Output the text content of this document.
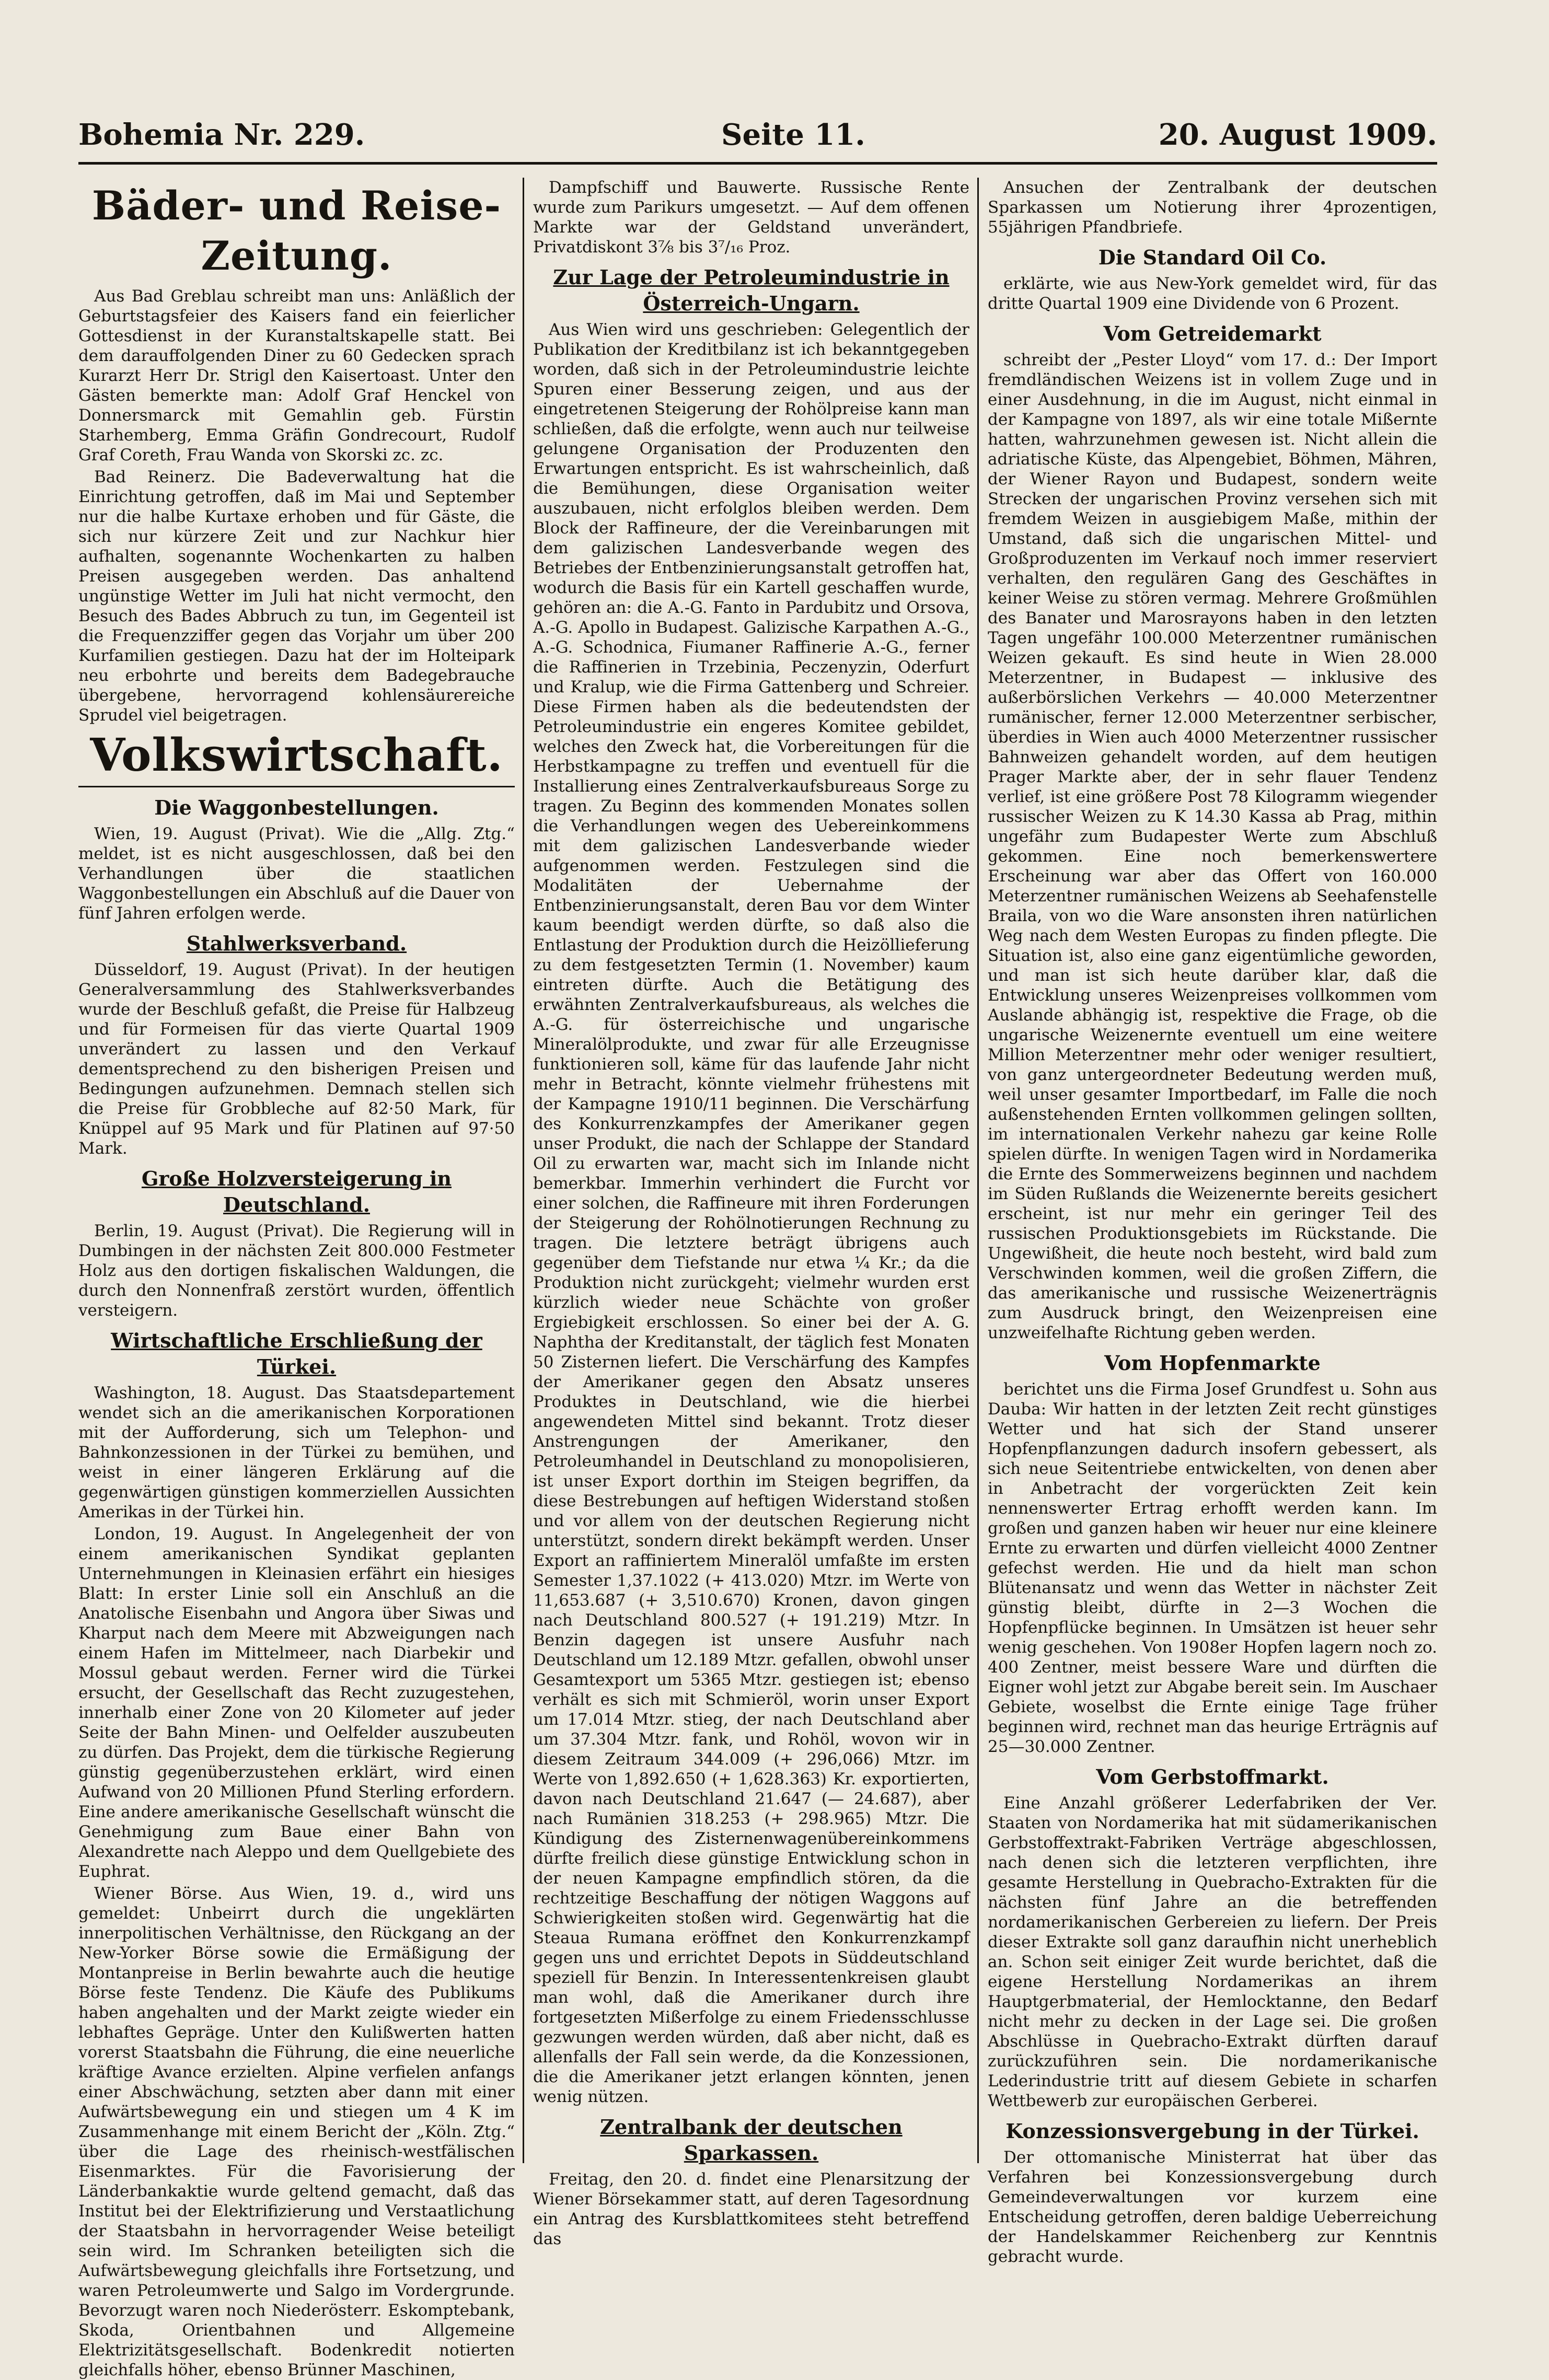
Bohemia Nr. 229.	Seite 11.	20. August 1909.
Bäder- und Reise-Zeitung.

Aus Bad Greblau schreibt man uns: Anläßlich der Geburtstagsfeier des Kaisers fand ein feierlicher Gottesdienst in der Kuranstaltskapelle statt. Bei dem darauffolgenden Diner zu 60 Gedecken sprach Kurarzt Herr Dr. Strigl den Kaisertoast. Unter den Gästen bemerkte man: Adolf Graf Henckel von Donnersmarck mit Gemahlin geb. Fürstin Starhemberg, Emma Gräfin Gondrecourt, Rudolf Graf Coreth, Frau Wanda von Skorski zc. zc.

Bad Reinerz. Die Badeverwaltung hat die Einrichtung getroffen, daß im Mai und September nur die halbe Kurtaxe erhoben und für Gäste, die sich nur kürzere Zeit und zur Nachkur hier aufhalten, sogenannte Wochenkarten zu halben Preisen ausgegeben werden. Das anhaltend ungünstige Wetter im Juli hat nicht vermocht, den Besuch des Bades Abbruch zu tun, im Gegenteil ist die Frequenzziffer gegen das Vorjahr um über 200 Kurfamilien gestiegen. Dazu hat der im Holteipark neu erbohrte und bereits dem Badegebrauche übergebene, hervorragend kohlensäurereiche Sprudel viel beigetragen.

Volkswirtschaft.
Die Waggonbestellungen.

Wien, 19. August (Privat). Wie die „Allg. Ztg.“ meldet, ist es nicht ausgeschlossen, daß bei den Verhandlungen über die staatlichen Waggonbestellungen ein Abschluß auf die Dauer von fünf Jahren erfolgen werde.

Stahlwerksverband.

Düsseldorf, 19. August (Privat). In der heutigen Generalversammlung des Stahlwerksverbandes wurde der Beschluß gefaßt, die Preise für Halbzeug und für Formeisen für das vierte Quartal 1909 unverändert zu lassen und den Verkauf dementsprechend zu den bisherigen Preisen und Bedingungen aufzunehmen. Demnach stellen sich die Preise für Grobbleche auf 82·50 Mark, für Knüppel auf 95 Mark und für Platinen auf 97·50 Mark.

Große Holzversteigerung in Deutschland.

Berlin, 19. August (Privat). Die Regierung will in Dumbingen in der nächsten Zeit 800.000 Festmeter Holz aus den dortigen fiskalischen Waldungen, die durch den Nonnenfraß zerstört wurden, öffentlich versteigern.

Wirtschaftliche Erschließung der Türkei.

Washington, 18. August. Das Staatsdepartement wendet sich an die amerikanischen Korporationen mit der Aufforderung, sich um Telephon- und Bahnkonzessionen in der Türkei zu bemühen, und weist in einer längeren Erklärung auf die gegenwärtigen günstigen kommerziellen Aussichten Amerikas in der Türkei hin.

London, 19. August. In Angelegenheit der von einem amerikanischen Syndikat geplanten Unternehmungen in Kleinasien erfährt ein hiesiges Blatt: In erster Linie soll ein Anschluß an die Anatolische Eisenbahn und Angora über Siwas und Kharput nach dem Meere mit Abzweigungen nach einem Hafen im Mittelmeer, nach Diarbekir und Mossul gebaut werden. Ferner wird die Türkei ersucht, der Gesellschaft das Recht zuzugestehen, innerhalb einer Zone von 20 Kilometer auf jeder Seite der Bahn Minen- und Oelfelder auszubeuten zu dürfen. Das Projekt, dem die türkische Regierung günstig gegenüberzustehen erklärt, wird einen Aufwand von 20 Millionen Pfund Sterling erfordern. Eine andere amerikanische Gesellschaft wünscht die Genehmigung zum Baue einer Bahn von Alexandrette nach Aleppo und dem Quellgebiete des Euphrat.

Wiener Börse. Aus Wien, 19. d., wird uns gemeldet: Unbeirrt durch die ungeklärten innerpolitischen Verhältnisse, den Rückgang an der New-Yorker Börse sowie die Ermäßigung der Montanpreise in Berlin bewahrte auch die heutige Börse feste Tendenz. Die Käufe des Publikums haben angehalten und der Markt zeigte wieder ein lebhaftes Gepräge. Unter den Kulißwerten hatten vorerst Staatsbahn die Führung, die eine neuerliche kräftige Avance erzielten. Alpine verfielen anfangs einer Abschwächung, setzten aber dann mit einer Aufwärtsbewegung ein und stiegen um 4 K im Zusammenhange mit einem Bericht der „Köln. Ztg.“ über die Lage des rheinisch-westfälischen Eisenmarktes. Für die Favorisierung der Länderbankaktie wurde geltend gemacht, daß das Institut bei der Elektrifizierung und Verstaatlichung der Staatsbahn in hervorragender Weise beteiligt sein wird. Im Schranken beteiligten sich die Aufwärtsbewegung gleichfalls ihre Fortsetzung, und waren Petroleumwerte und Salgo im Vordergrunde. Bevorzugt waren noch Niederösterr. Eskomptebank, Skoda, Orientbahnen und Allgemeine Elektrizitätsgesellschaft. Bodenkredit notierten gleichfalls höher, ebenso Brünner Maschinen,

Dampfschiff und Bauwerte. Russische Rente wurde zum Parikurs umgesetzt. — Auf dem offenen Markte war der Geldstand unverändert, Privatdiskont 3⅞ bis 3⁷/₁₆ Proz.

Zur Lage der Petroleumindustrie in Österreich-Ungarn.

Aus Wien wird uns geschrieben: Gelegentlich der Publikation der Kreditbilanz ist ich bekanntgegeben worden, daß sich in der Petroleumindustrie leichte Spuren einer Besserung zeigen, und aus der eingetretenen Steigerung der Rohölpreise kann man schließen, daß die erfolgte, wenn auch nur teilweise gelungene Organisation der Produzenten den Erwartungen entspricht. Es ist wahrscheinlich, daß die Bemühungen, diese Organisation weiter auszubauen, nicht erfolglos bleiben werden. Dem Block der Raffineure, der die Vereinbarungen mit dem galizischen Landesverbande wegen des Betriebes der Entbenzinierungsanstalt getroffen hat, wodurch die Basis für ein Kartell geschaffen wurde, gehören an: die A.-G. Fanto in Pardubitz und Orsova, A.-G. Apollo in Budapest. Galizische Karpathen A.-G., A.-G. Schodnica, Fiumaner Raffinerie A.-G., ferner die Raffinerien in Trzebinia, Peczenyzin, Oderfurt und Kralup, wie die Firma Gattenberg und Schreier. Diese Firmen haben als die bedeutendsten der Petroleumindustrie ein engeres Komitee gebildet, welches den Zweck hat, die Vorbereitungen für die Herbstkampagne zu treffen und eventuell für die Installierung eines Zentralverkaufsbureaus Sorge zu tragen. Zu Beginn des kommenden Monates sollen die Verhandlungen wegen des Uebereinkommens mit dem galizischen Landesverbande wieder aufgenommen werden. Festzulegen sind die Modalitäten der Uebernahme der Entbenzinierungsanstalt, deren Bau vor dem Winter kaum beendigt werden dürfte, so daß also die Entlastung der Produktion durch die Heizöllieferung zu dem festgesetzten Termin (1. November) kaum eintreten dürfte. Auch die Betätigung des erwähnten Zentralverkaufsbureaus, als welches die A.-G. für österreichische und ungarische Mineralölprodukte, und zwar für alle Erzeugnisse funktionieren soll, käme für das laufende Jahr nicht mehr in Betracht, könnte vielmehr frühestens mit der Kampagne 1910/11 beginnen. Die Verschärfung des Konkurrenzkampfes der Amerikaner gegen unser Produkt, die nach der Schlappe der Standard Oil zu erwarten war, macht sich im Inlande nicht bemerkbar. Immerhin verhindert die Furcht vor einer solchen, die Raffineure mit ihren Forderungen der Steigerung der Rohölnotierungen Rechnung zu tragen. Die letztere beträgt übrigens auch gegenüber dem Tiefstande nur etwa ¼ Kr.; da die Produktion nicht zurückgeht; vielmehr wurden erst kürzlich wieder neue Schächte von großer Ergiebigkeit erschlossen. So einer bei der A. G. Naphtha der Kreditanstalt, der täglich fest Monaten 50 Zisternen liefert. Die Verschärfung des Kampfes der Amerikaner gegen den Absatz unseres Produktes in Deutschland, wie die hierbei angewendeten Mittel sind bekannt. Trotz dieser Anstrengungen der Amerikaner, den Petroleumhandel in Deutschland zu monopolisieren, ist unser Export dorthin im Steigen begriffen, da diese Bestrebungen auf heftigen Widerstand stoßen und vor allem von der deutschen Regierung nicht unterstützt, sondern direkt bekämpft werden. Unser Export an raffiniertem Mineralöl umfaßte im ersten Semester 1,37.1022 (+ 413.020) Mtzr. im Werte von 11,653.687 (+ 3,510.670) Kronen, davon gingen nach Deutschland 800.527 (+ 191.219) Mtzr. In Benzin dagegen ist unsere Ausfuhr nach Deutschland um 12.189 Mtzr. gefallen, obwohl unser Gesamtexport um 5365 Mtzr. gestiegen ist; ebenso verhält es sich mit Schmieröl, worin unser Export um 17.014 Mtzr. stieg, der nach Deutschland aber um 37.304 Mtzr. fank, und Rohöl, wovon wir in diesem Zeitraum 344.009 (+ 296,066) Mtzr. im Werte von 1,892.650 (+ 1,628.363) Kr. exportierten, davon nach Deutschland 21.647 (— 24.687), aber nach Rumänien 318.253 (+ 298.965) Mtzr. Die Kündigung des Zisternenwagenübereinkommens dürfte freilich diese günstige Entwicklung schon in der neuen Kampagne empfindlich stören, da die rechtzeitige Beschaffung der nötigen Waggons auf Schwierigkeiten stoßen wird. Gegenwärtig hat die Steaua Rumana eröffnet den Konkurrenzkampf gegen uns und errichtet Depots in Süddeutschland speziell für Benzin. In Interessentenkreisen glaubt man wohl, daß die Amerikaner durch ihre fortgesetzten Mißerfolge zu einem Friedensschlusse gezwungen werden würden, daß aber nicht, daß es allenfalls der Fall sein werde, da die Konzessionen, die die Amerikaner jetzt erlangen könnten, jenen wenig nützen.

Zentralbank der deutschen Sparkassen.

Freitag, den 20. d. findet eine Plenarsitzung der Wiener Börsekammer statt, auf deren Tagesordnung ein Antrag des Kursblattkomitees steht betreffend das

Ansuchen der Zentralbank der deutschen Sparkassen um Notierung ihrer 4prozentigen, 55jährigen Pfandbriefe.

Die Standard Oil Co.

erklärte, wie aus New-York gemeldet wird, für das dritte Quartal 1909 eine Dividende von 6 Prozent.

Vom Getreidemarkt

schreibt der „Pester Lloyd“ vom 17. d.: Der Import fremdländischen Weizens ist in vollem Zuge und in einer Ausdehnung, in die im August, nicht einmal in der Kampagne von 1897, als wir eine totale Mißernte hatten, wahrzunehmen gewesen ist. Nicht allein die adriatische Küste, das Alpengebiet, Böhmen, Mähren, der Wiener Rayon und Budapest, sondern weite Strecken der ungarischen Provinz versehen sich mit fremdem Weizen in ausgiebigem Maße, mithin der Umstand, daß sich die ungarischen Mittel- und Großproduzenten im Verkauf noch immer reserviert verhalten, den regulären Gang des Geschäftes in keiner Weise zu stören vermag. Mehrere Großmühlen des Banater und Marosrayons haben in den letzten Tagen ungefähr 100.000 Meterzentner rumänischen Weizen gekauft. Es sind heute in Wien 28.000 Meterzentner, in Budapest — inklusive des außerbörslichen Verkehrs — 40.000 Meterzentner rumänischer, ferner 12.000 Meterzentner serbischer, überdies in Wien auch 4000 Meterzentner russischer Bahnweizen gehandelt worden, auf dem heutigen Prager Markte aber, der in sehr flauer Tendenz verlief, ist eine größere Post 78 Kilogramm wiegender russischer Weizen zu K 14.30 Kassa ab Prag, mithin ungefähr zum Budapester Werte zum Abschluß gekommen. Eine noch bemerkenswertere Erscheinung war aber das Offert von 160.000 Meterzentner rumänischen Weizens ab Seehafenstelle Braila, von wo die Ware ansonsten ihren natürlichen Weg nach dem Westen Europas zu finden pflegte. Die Situation ist, also eine ganz eigentümliche geworden, und man ist sich heute darüber klar, daß die Entwicklung unseres Weizenpreises vollkommen vom Auslande abhängig ist, respektive die Frage, ob die ungarische Weizenernte eventuell um eine weitere Million Meterzentner mehr oder weniger resultiert, von ganz untergeordneter Bedeutung werden muß, weil unser gesamter Importbedarf, im Falle die noch außenstehenden Ernten vollkommen gelingen sollten, im internationalen Verkehr nahezu gar keine Rolle spielen dürfte. In wenigen Tagen wird in Nordamerika die Ernte des Sommerweizens beginnen und nachdem im Süden Rußlands die Weizenernte bereits gesichert erscheint, ist nur mehr ein geringer Teil des russischen Produktionsgebiets im Rückstande. Die Ungewißheit, die heute noch besteht, wird bald zum Verschwinden kommen, weil die großen Ziffern, die das amerikanische und russische Weizenerträgnis zum Ausdruck bringt, den Weizenpreisen eine unzweifelhafte Richtung geben werden.

Vom Hopfenmarkte

berichtet uns die Firma Josef Grundfest u. Sohn aus Dauba: Wir hatten in der letzten Zeit recht günstiges Wetter und hat sich der Stand unserer Hopfenpflanzungen dadurch insofern gebessert, als sich neue Seitentriebe entwickelten, von denen aber in Anbetracht der vorgerückten Zeit kein nennenswerter Ertrag erhofft werden kann. Im großen und ganzen haben wir heuer nur eine kleinere Ernte zu erwarten und dürfen vielleicht 4000 Zentner gefechst werden. Hie und da hielt man schon Blütenansatz und wenn das Wetter in nächster Zeit günstig bleibt, dürfte in 2—3 Wochen die Hopfenpflücke beginnen. In Umsätzen ist heuer sehr wenig geschehen. Von 1908er Hopfen lagern noch zo. 400 Zentner, meist bessere Ware und dürften die Eigner wohl jetzt zur Abgabe bereit sein. Im Auschaer Gebiete, woselbst die Ernte einige Tage früher beginnen wird, rechnet man das heurige Erträgnis auf 25—30.000 Zentner.

Vom Gerbstoffmarkt.

Eine Anzahl größerer Lederfabriken der Ver. Staaten von Nordamerika hat mit südamerikanischen Gerbstoffextrakt-Fabriken Verträge abgeschlossen, nach denen sich die letzteren verpflichten, ihre gesamte Herstellung in Quebracho-Extrakten für die nächsten fünf Jahre an die betreffenden nordamerikanischen Gerbereien zu liefern. Der Preis dieser Extrakte soll ganz daraufhin nicht unerheblich an. Schon seit einiger Zeit wurde berichtet, daß die eigene Herstellung Nordamerikas an ihrem Hauptgerbmaterial, der Hemlocktanne, den Bedarf nicht mehr zu decken in der Lage sei. Die großen Abschlüsse in Quebracho-Extrakt dürften darauf zurückzuführen sein. Die nordamerikanische Lederindustrie tritt auf diesem Gebiete in scharfen Wettbewerb zur europäischen Gerberei.

Konzessionsvergebung in der Türkei.

Der ottomanische Ministerrat hat über das Verfahren bei Konzessionsvergebung durch Gemeindeverwaltungen vor kurzem eine Entscheidung getroffen, deren baldige Ueberreichung der Handelskammer Reichenberg zur Kenntnis gebracht wurde.
